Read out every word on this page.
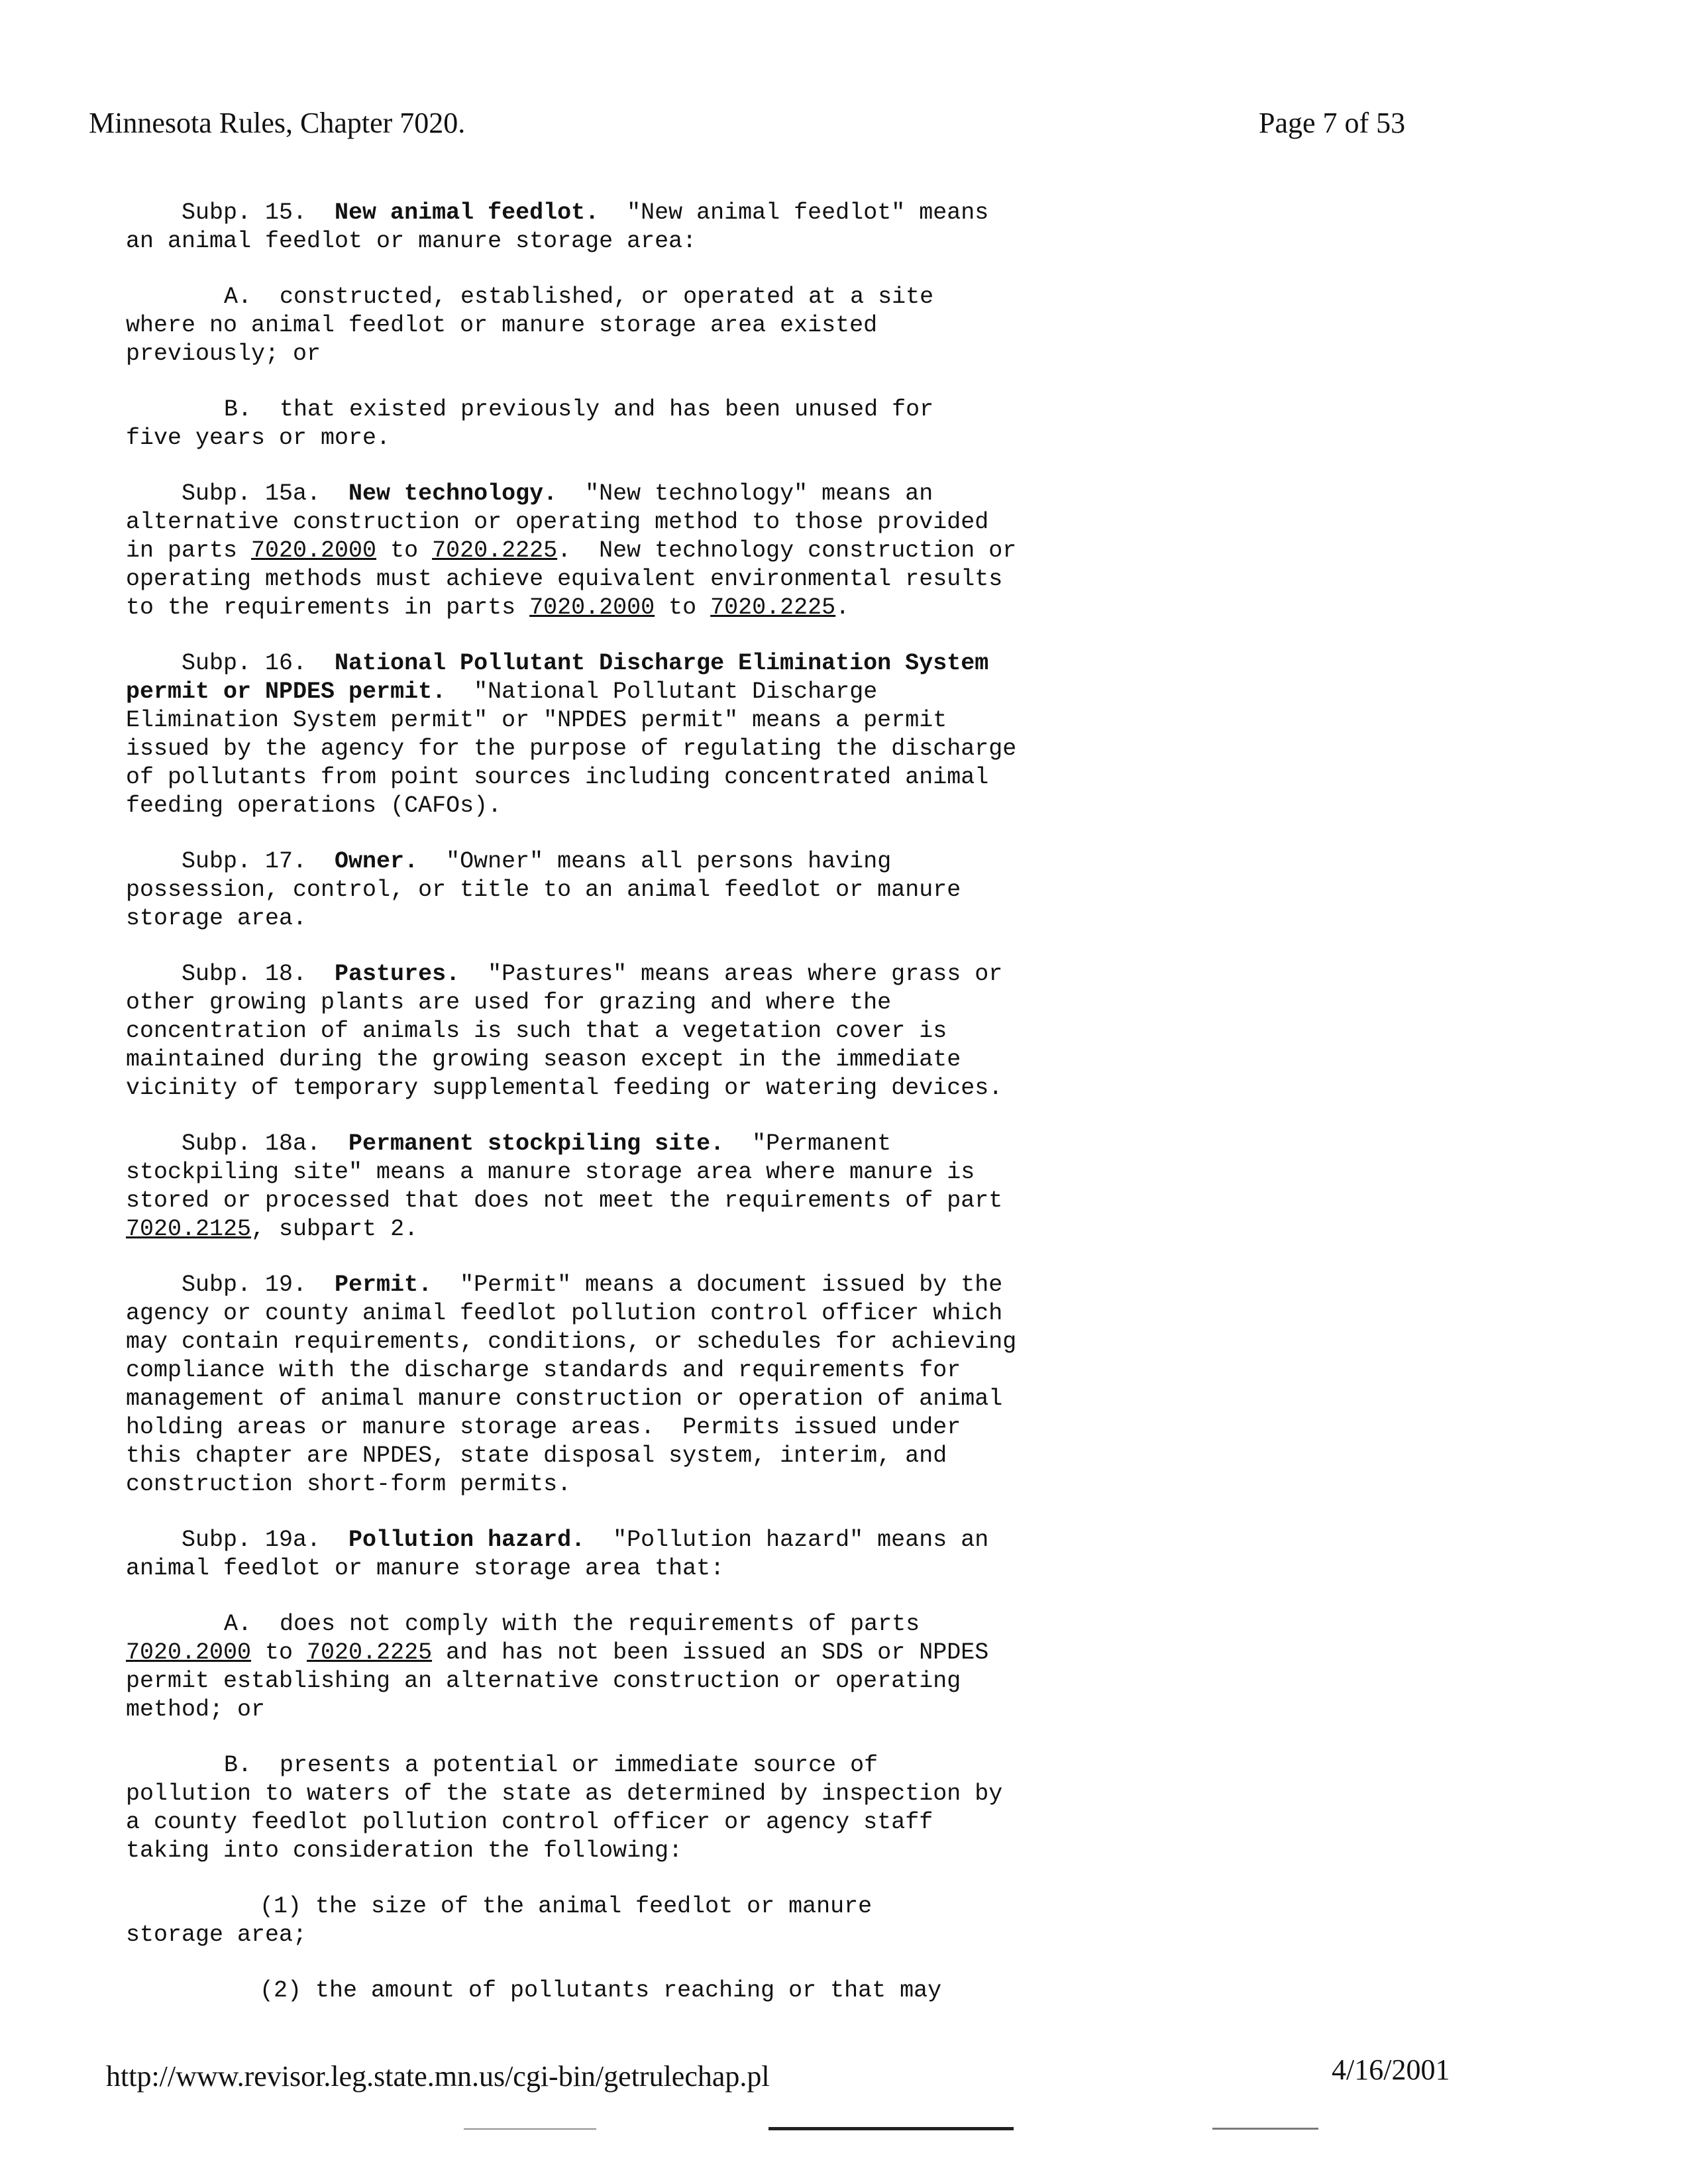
Minnesota Rules, Chapter 7020.	Page 7 of 53
Subp. 15.  New animal feedlot.  "New animal feedlot" means
an animal feedlot or manure storage area:
A.  constructed, established, or operated at a site
where no animal feedlot or manure storage area existed
previously; or
B.  that existed previously and has been unused for
five years or more.
Subp. 15a.  New technology.  "New technology" means an
alternative construction or operating method to those provided
in parts 7020.2000 to 7020.2225.  New technology construction or
operating methods must achieve equivalent environmental results
to the requirements in parts 7020.2000 to 7020.2225.
Subp. 16.  National Pollutant Discharge Elimination System
permit or NPDES permit.  "National Pollutant Discharge
Elimination System permit" or "NPDES permit" means a permit
issued by the agency for the purpose of regulating the discharge
of pollutants from point sources including concentrated animal
feeding operations (CAFOs).
Subp. 17.  Owner.  "Owner" means all persons having
possession, control, or title to an animal feedlot or manure
storage area.
Subp. 18.  Pastures.  "Pastures" means areas where grass or
other growing plants are used for grazing and where the
concentration of animals is such that a vegetation cover is
maintained during the growing season except in the immediate
vicinity of temporary supplemental feeding or watering devices.
Subp. 18a.  Permanent stockpiling site.  "Permanent
stockpiling site" means a manure storage area where manure is
stored or processed that does not meet the requirements of part
7020.2125, subpart 2.
Subp. 19.  Permit.  "Permit" means a document issued by the
agency or county animal feedlot pollution control officer which
may contain requirements, conditions, or schedules for achieving
compliance with the discharge standards and requirements for
management of animal manure construction or operation of animal
holding areas or manure storage areas.  Permits issued under
this chapter are NPDES, state disposal system, interim, and
construction short-form permits.
Subp. 19a.  Pollution hazard.  "Pollution hazard" means an
animal feedlot or manure storage area that:
A.  does not comply with the requirements of parts
7020.2000 to 7020.2225 and has not been issued an SDS or NPDES
permit establishing an alternative construction or operating
method; or
B.  presents a potential or immediate source of
pollution to waters of the state as determined by inspection by
a county feedlot pollution control officer or agency staff
taking into consideration the following:
(1) the size of the animal feedlot or manure
storage area;
(2) the amount of pollutants reaching or that may
http://www.revisor.leg.state.mn.us/cgi-bin/getrulechap.pl	4/16/2001
